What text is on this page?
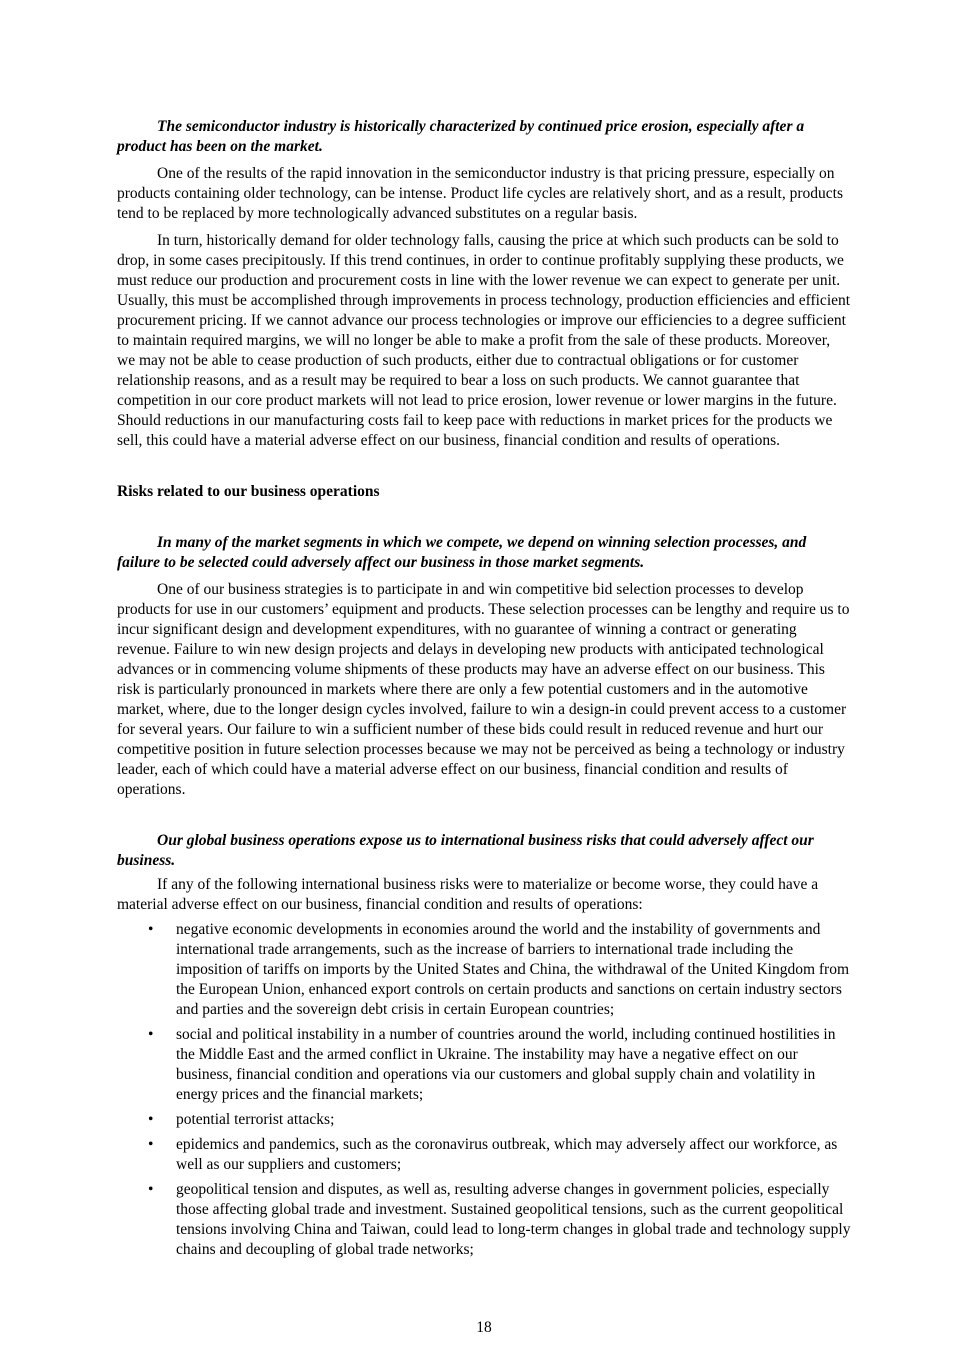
The semiconductor industry is historically characterized by continued price erosion, especially after a product has been on the market.

One of the results of the rapid innovation in the semiconductor industry is that pricing pressure, especially on products containing older technology, can be intense. Product life cycles are relatively short, and as a result, products tend to be replaced by more technologically advanced substitutes on a regular basis.

In turn, historically demand for older technology falls, causing the price at which such products can be sold to drop, in some cases precipitously. If this trend continues, in order to continue profitably supplying these products, we must reduce our production and procurement costs in line with the lower revenue we can expect to generate per unit. Usually, this must be accomplished through improvements in process technology, production efficiencies and efficient procurement pricing. If we cannot advance our process technologies or improve our efficiencies to a degree sufficient to maintain required margins, we will no longer be able to make a profit from the sale of these products. Moreover, we may not be able to cease production of such products, either due to contractual obligations or for customer relationship reasons, and as a result may be required to bear a loss on such products. We cannot guarantee that competition in our core product markets will not lead to price erosion, lower revenue or lower margins in the future. Should reductions in our manufacturing costs fail to keep pace with reductions in market prices for the products we sell, this could have a material adverse effect on our business, financial condition and results of operations.

Risks related to our business operations

In many of the market segments in which we compete, we depend on winning selection processes, and failure to be selected could adversely affect our business in those market segments.

One of our business strategies is to participate in and win competitive bid selection processes to develop products for use in our customers’ equipment and products. These selection processes can be lengthy and require us to incur significant design and development expenditures, with no guarantee of winning a contract or generating revenue. Failure to win new design projects and delays in developing new products with anticipated technological advances or in commencing volume shipments of these products may have an adverse effect on our business. This risk is particularly pronounced in markets where there are only a few potential customers and in the automotive market, where, due to the longer design cycles involved, failure to win a design-in could prevent access to a customer for several years. Our failure to win a sufficient number of these bids could result in reduced revenue and hurt our competitive position in future selection processes because we may not be perceived as being a technology or industry leader, each of which could have a material adverse effect on our business, financial condition and results of operations.

Our global business operations expose us to international business risks that could adversely affect our business.

If any of the following international business risks were to materialize or become worse, they could have a material adverse effect on our business, financial condition and results of operations:

•	negative economic developments in economies around the world and the instability of governments and international trade arrangements, such as the increase of barriers to international trade including the imposition of tariffs on imports by the United States and China, the withdrawal of the United Kingdom from the European Union, enhanced export controls on certain products and sanctions on certain industry sectors and parties and the sovereign debt crisis in certain European countries;
•	social and political instability in a number of countries around the world, including continued hostilities in the Middle East and the armed conflict in Ukraine. The instability may have a negative effect on our business, financial condition and operations via our customers and global supply chain and volatility in energy prices and the financial markets;
•	potential terrorist attacks;
•	epidemics and pandemics, such as the coronavirus outbreak, which may adversely affect our workforce, as well as our suppliers and customers;
•	geopolitical tension and disputes, as well as, resulting adverse changes in government policies, especially those affecting global trade and investment. Sustained geopolitical tensions, such as the current geopolitical tensions involving China and Taiwan, could lead to long-term changes in global trade and technology supply chains and decoupling of global trade networks;
18
